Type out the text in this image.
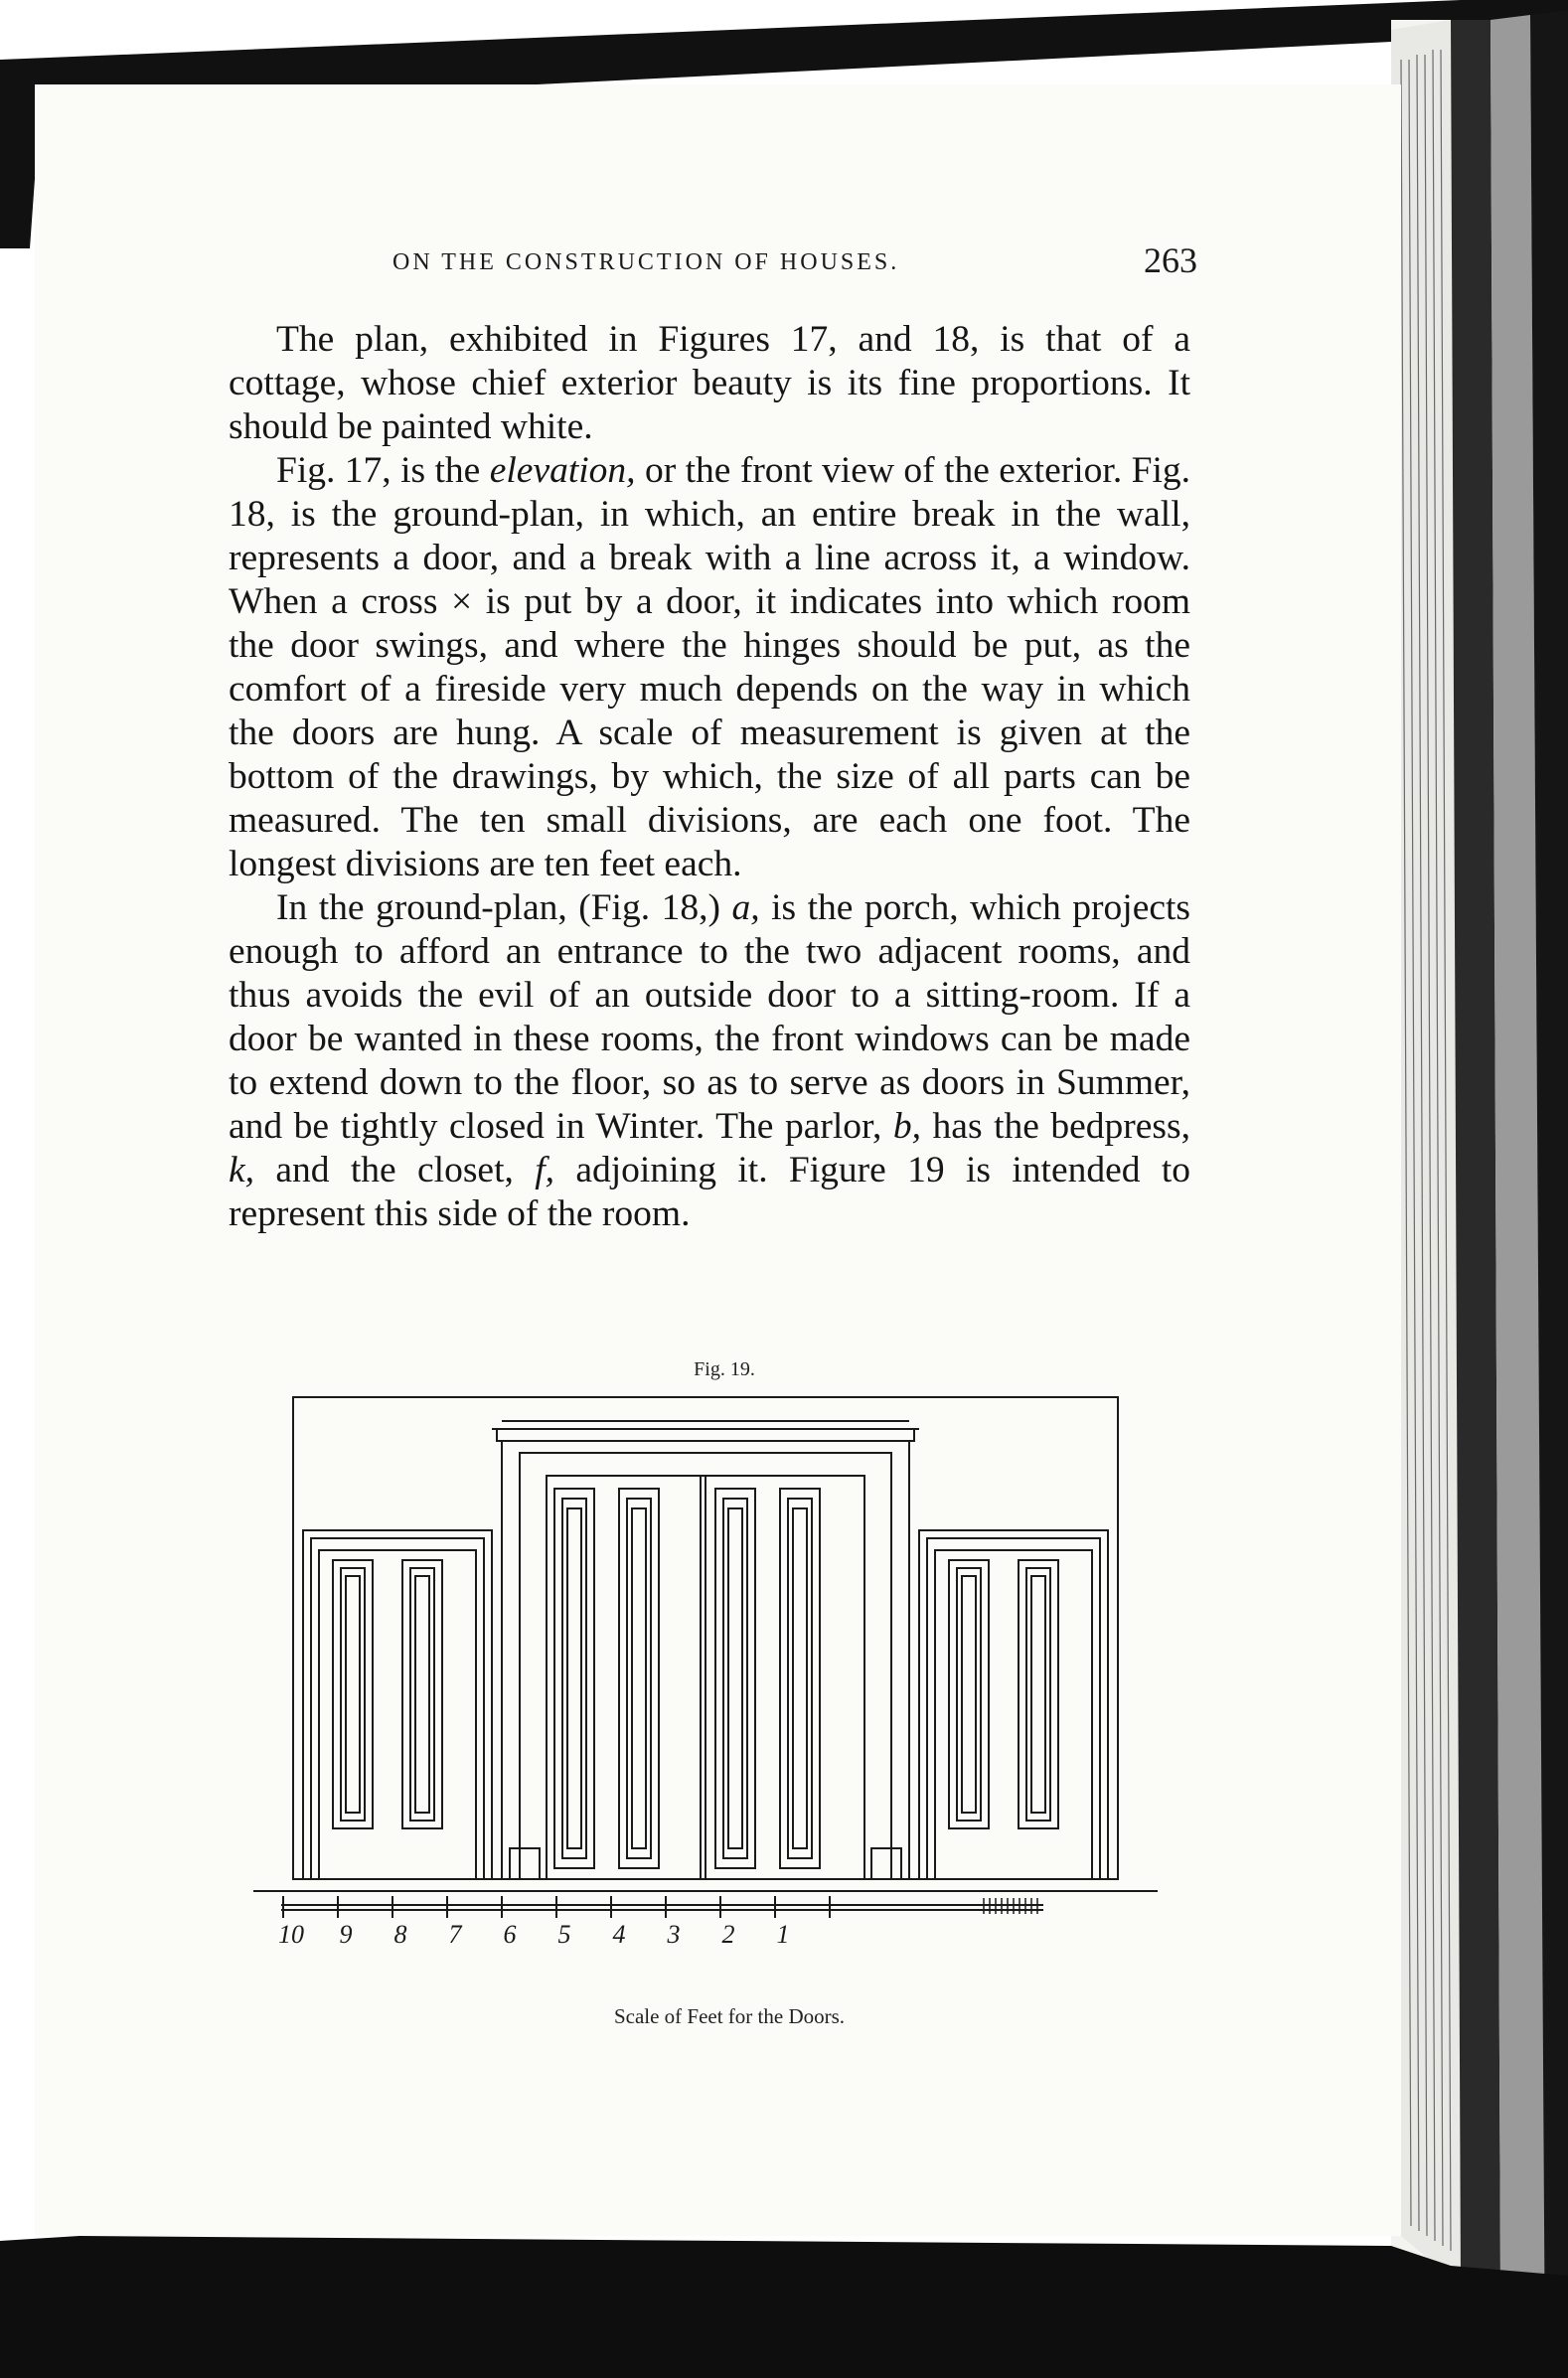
ON THE CONSTRUCTION OF HOUSES.	263

The plan, exhibited in Figures 17, and 18, is that of a cottage, whose chief exterior beauty is its fine proportions. It should be painted white.

Fig. 17, is the elevation, or the front view of the exterior. Fig. 18, is the ground-plan, in which, an entire break in the wall, represents a door, and a break with a line across it, a window. When a cross × is put by a door, it indicates into which room the door swings, and where the hinges should be put, as the comfort of a fireside very much depends on the way in which the doors are hung. A scale of measurement is given at the bottom of the drawings, by which, the size of all parts can be measured. The ten small divisions, are each one foot. The longest divisions are ten feet each.

In the ground-plan, (Fig. 18,) a, is the porch, which projects enough to afford an entrance to the two adjacent rooms, and thus avoids the evil of an outside door to a sitting-room. If a door be wanted in these rooms, the front windows can be made to extend down to the floor, so as to serve as doors in Summer, and be tightly closed in Winter. The parlor, b, has the bedpress, k, and the closet, f, adjoining it. Figure 19 is intended to represent this side of the room.

Fig. 19.
10 9 8 7 6 5 4 3 2 1
Scale of Feet for the Doors.
